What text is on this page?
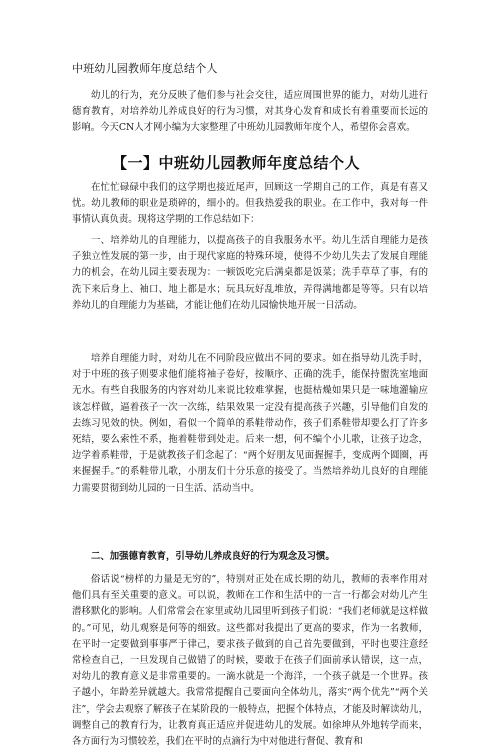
中班幼儿园教师年度总结个人

幼儿的行为，充分反映了他们参与社会交往，适应周围世界的能力，对幼儿进行德育教育，对培养幼儿养成良好的行为习惯，对其身心发育和成长有着重要而长远的影响。今天CN人才网小编为大家整理了中班幼儿园教师年度个人，希望你会喜欢。

【一】中班幼儿园教师年度总结个人

在忙忙碌碌中我们的这学期也接近尾声，回顾这一学期自己的工作，真是有喜又忧。幼儿教师的职业是琐碎的，细小的。但我热爱我的职业。在工作中，我对每一件事情认真负责。现将这学期的工作总结如下：

一、培养幼儿的自理能力，以提高孩子的自我服务水平。幼儿生活自理能力是孩子独立性发展的第一步，由于现代家庭的特殊环境，使得不少幼儿失去了发展自理能力的机会，在幼儿园主要表现为：一顿饭吃完后满桌都是饭菜；洗手草草了事，有的洗下来后身上、袖口、地上都是水；玩具玩好乱堆放，弄得满地都是等等。只有以培养幼儿的自理能力为基础，才能让他们在幼儿园愉快地开展一日活动。

培养自理能力时，对幼儿在不同阶段应做出不同的要求。如在指导幼儿洗手时，对于中班的孩子则要求他们能将袖子卷好，按顺序、正确的洗手，能保持盥洗室地面无水。有些自我服务的内容对幼儿来说比较难掌握，也挺枯燥如果只是一味地灌输应该怎样做，逼着孩子一次一次练，结果效果一定没有提高孩子兴趣，引导他们自发的去练习见效的快。例如，看似一个简单的系鞋带动作，孩子们系鞋带却要么打了许多死结，要么索性不系，拖着鞋带到处走。后来一想，何不编个小儿歌，让孩子边念，边学着系鞋带，于是就教孩子们念起了：“两个好朋友见面握握手，变成两个圆圈，再来握握手。”的系鞋带儿歌，小朋友们十分乐意的接受了。当然培养幼儿良好的自理能力需要贯彻到幼儿园的一日生活、活动当中。

二、加强德育教育，引导幼儿养成良好的行为观念及习惯。

俗话说“榜样的力量是无穷的”，特别对正处在成长期的幼儿，教师的表率作用对他们具有至关重要的意义。可以说，教师在工作和生活中的一言一行都会对幼儿产生潜移默化的影响。人们常常会在家里或幼儿园里听到孩子们说：“我们老师就是这样做的。”可见，幼儿观察是何等的细致。这些都对我提出了更高的要求，作为一名教师，在平时一定要做到事事严于律己，要求孩子做到的自己首先要做到，平时也要注意经常检查自己，一旦发现自己做错了的时候，要敢于在孩子们面前承认错误，这一点，对幼儿的教育意义是非常重要的。一滴水就是一个海洋，一个孩子就是一个世界。孩子越小，年龄差异就越大。我常常提醒自己要面向全体幼儿，落实“两个优先”“两个关注”，学会去观察了解孩子在某阶段的一般特点，把握个体特点，才能及时解读幼儿，调整自己的教育行为，让教育真正适应并促进幼儿的发展。如徐坤从外地转学而来，各方面行为习惯较差，我们在平时的点滴行为中对他进行督促、教育和
